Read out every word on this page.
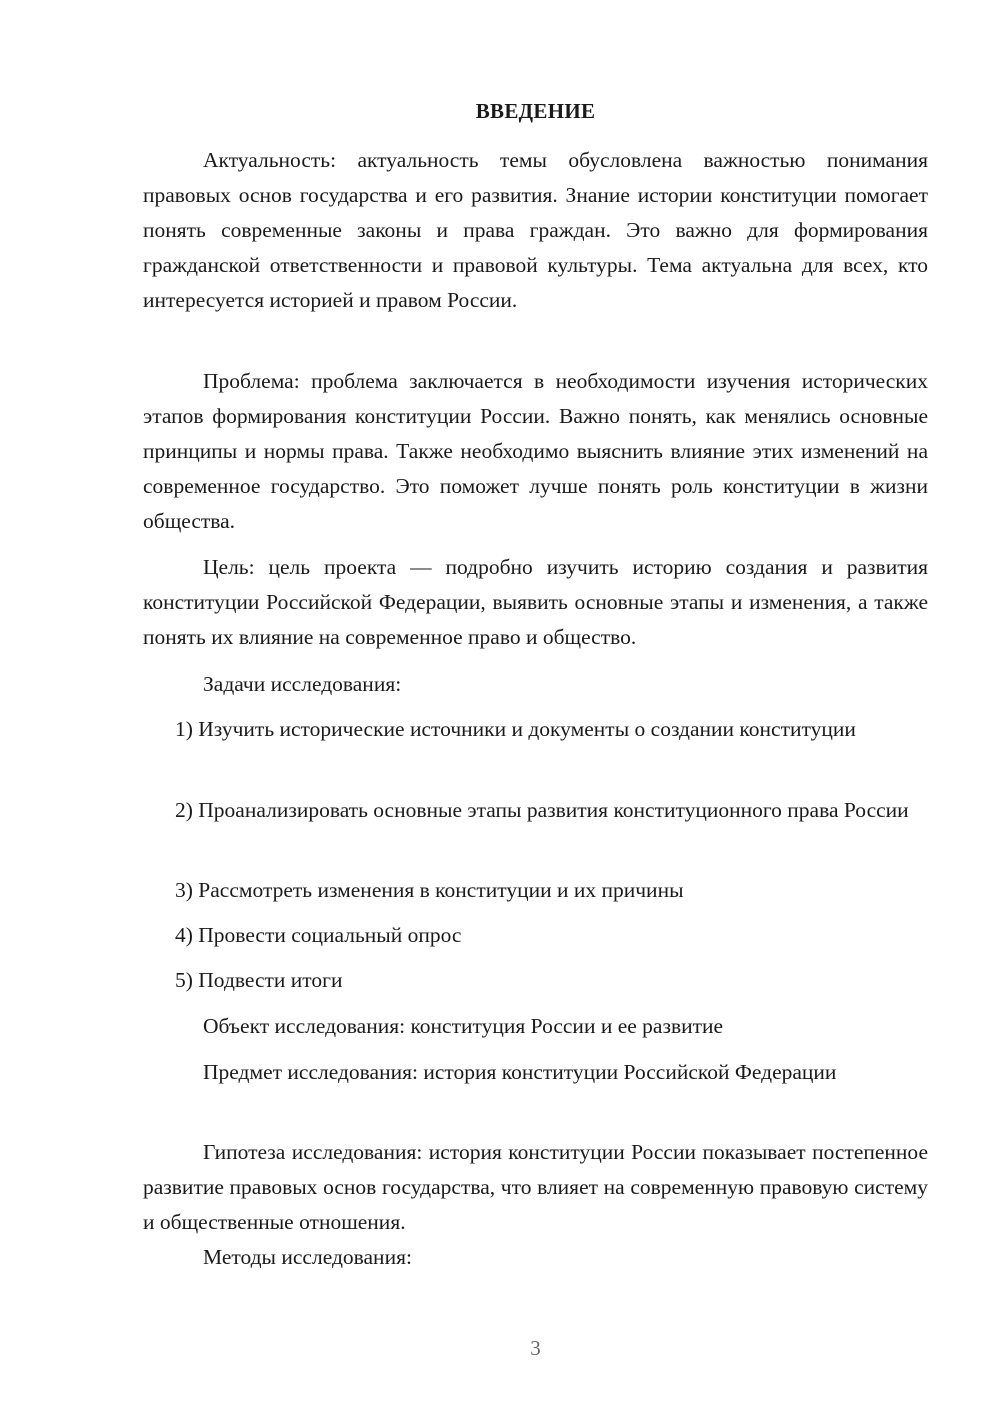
ВВЕДЕНИЕ

Актуальность: актуальность темы обусловлена важностью понимания правовых основ государства и его развития. Знание истории конституции помогает понять современные законы и права граждан. Это важно для формирования гражданской ответственности и правовой культуры. Тема актуальна для всех, кто интересуется историей и правом России.

Проблема: проблема заключается в необходимости изучения исторических этапов формирования конституции России. Важно понять, как менялись основные принципы и нормы права. Также необходимо выяснить влияние этих изменений на современное государство. Это поможет лучше понять роль конституции в жизни общества.

Цель: цель проекта — подробно изучить историю создания и развития конституции Российской Федерации, выявить основные этапы и изменения, а также понять их влияние на современное право и общество.

Задачи исследования:

1) Изучить исторические источники и документы о создании конституции

2) Проанализировать основные этапы развития конституционного права России

3) Рассмотреть изменения в конституции и их причины

4) Провести социальный опрос

5) Подвести итоги

Объект исследования: конституция России и ее развитие

Предмет исследования: история конституции Российской Федерации

Гипотеза исследования: история конституции России показывает постепенное развитие правовых основ государства, что влияет на современную правовую систему и общественные отношения.

Методы исследования:

3
